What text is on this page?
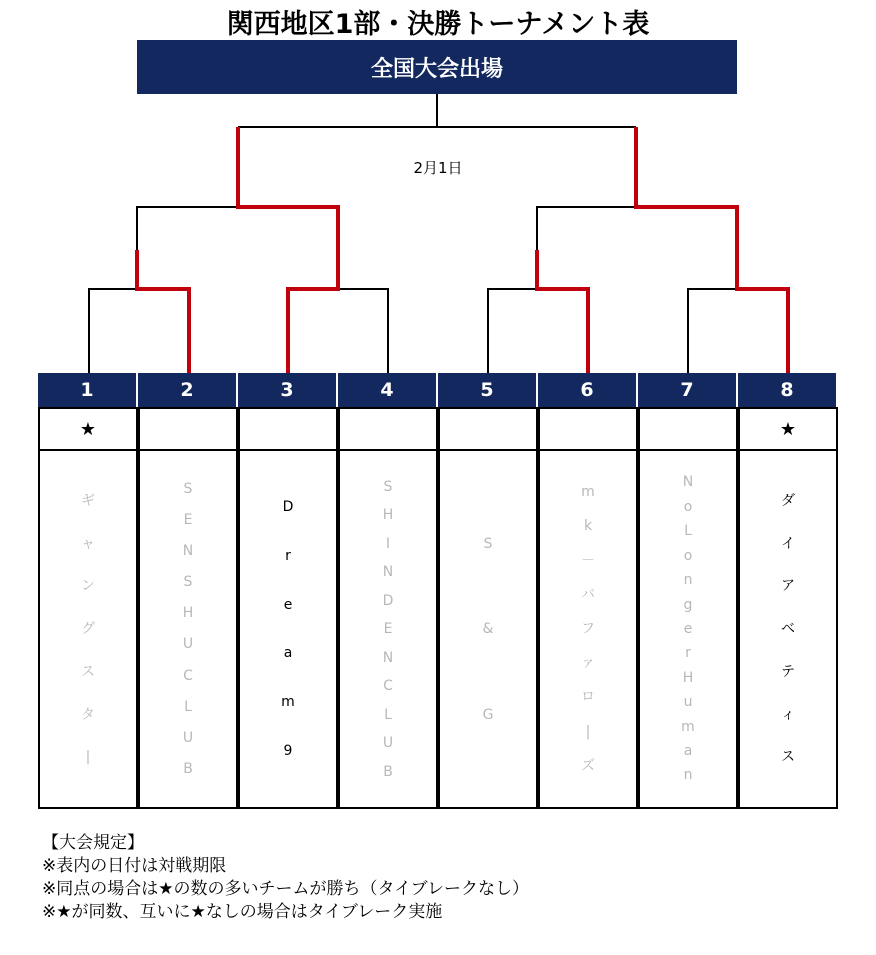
関西地区1部・決勝トーナメント表
全国大会出場
2月1日
1
★
ギ
ャ
ン
グ
ス
タ
|
2
S
E
N
S
H
U
C
L
U
B
3
D
r
e
a
m
9
4
S
H
I
N
D
E
N
C
L
U
B
5
S
&
G
6
m
k
－
バ
フ
ァ
ロ
|
ズ
7
N
o
L
o
n
g
e
r
H
u
m
a
n
8
★
ダ
イ
ア
ベ
テ
ィ
ス
【大会規定】
※表内の日付は対戦期限
※同点の場合は★の数の多いチームが勝ち（タイブレークなし）
※★が同数、互いに★なしの場合はタイブレーク実施
